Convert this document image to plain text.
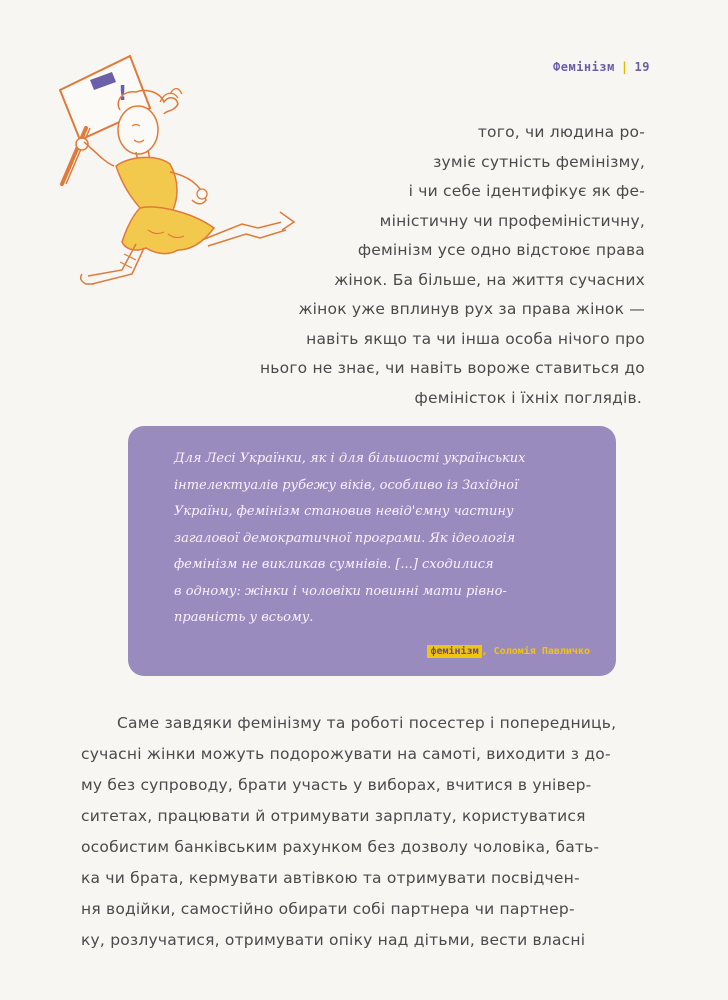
Фемінізм | 19
!
того, чи людина ро-
зуміє сутність фемінізму,
і чи себе ідентифікує як фе-
міністичну чи профеміністичну,
фемінізм усе одно відстоює права
жінок. Ба більше, на життя сучасних
жінок уже вплинув рух за права жінок —
навіть якщо та чи інша особа нічого про
нього не знає, чи навіть вороже ставиться до
феміністок і їхніх поглядів.
Для Лесі Українки, як і для більшості українських
інтелектуалів рубежу віків, особливо із Західної
України, фемінізм становив невід'ємну частину
загалової демократичної програми. Як ідеологія
фемінізм не викликав сумнівів. [...] сходилися
в одному: жінки і чоловіки повинні мати рівно-
правність у всьому.
фемінізм , Соломія Павличко
Саме завдяки фемінізму та роботі посестер і попередниць,
сучасні жінки можуть подорожувати на самоті, виходити з до-
му без супроводу, брати участь у виборах, вчитися в універ-
ситетах, працювати й отримувати зарплату, користуватися
особистим банківським рахунком без дозволу чоловіка, бать-
ка чи брата, кермувати автівкою та отримувати посвідчен-
ня водійки, самостійно обирати собі партнера чи партнер-
ку, розлучатися, отримувати опіку над дітьми, вести власні
